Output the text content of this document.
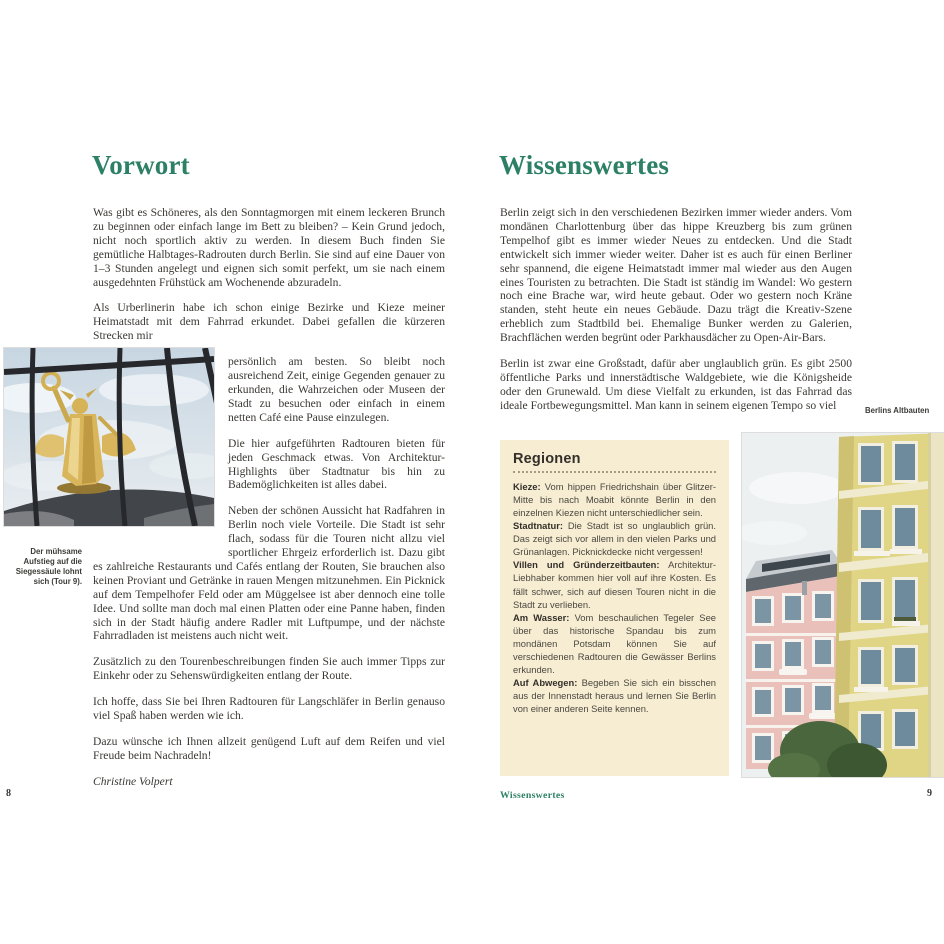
Vorwort

Was gibt es Schöneres, als den Sonntagmorgen mit einem leckeren Brunch zu beginnen oder einfach lange im Bett zu bleiben? – Kein Grund jedoch, nicht noch sportlich aktiv zu werden. In diesem Buch finden Sie gemütliche Halbtages-Radrouten durch Berlin. Sie sind auf eine Dauer von 1–3 Stunden angelegt und eignen sich somit perfekt, um sie nach einem ausgedehnten Frühstück am Wochenende abzuradeln.

Als Urberlinerin habe ich schon einige Bezirke und Kieze meiner Heimatstadt mit dem Fahrrad erkundet. Dabei gefallen die kürzeren Strecken mir

persönlich am besten. So bleibt noch ausreichend Zeit, einige Gegenden genauer zu erkunden, die Wahrzeichen oder Museen der Stadt zu besuchen oder einfach in einem netten Café eine Pause einzulegen.

Die hier aufgeführten Radtouren bieten für jeden Geschmack etwas. Von Architektur-Highlights über Stadtnatur bis hin zu Bademöglichkeiten ist alles dabei.

Neben der schönen Aussicht hat Radfahren in Berlin noch viele Vorteile. Die Stadt ist sehr flach, sodass für die Touren nicht allzu viel sportlicher Ehrgeiz erforderlich ist. Dazu gibt es zahlreiche Restaurants und Cafés entlang der Routen, Sie brauchen also keinen Proviant und Getränke in rauen Mengen mitzunehmen. Ein Picknick auf dem Tempelhofer Feld oder am Müggelsee ist aber dennoch eine tolle Idee. Und sollte man doch mal einen Platten oder eine Panne haben, finden sich in der Stadt häufig andere Radler mit Luftpumpe, und der nächste Fahrradladen ist meistens auch nicht weit.

Zusätzlich zu den Tourenbeschreibungen finden Sie auch immer Tipps zur Einkehr oder zu Sehenswürdigkeiten entlang der Route.

Ich hoffe, dass Sie bei Ihren Radtouren für Langschläfer in Berlin genauso viel Spaß haben werden wie ich.

Dazu wünsche ich Ihnen allzeit genügend Luft auf dem Reifen und viel Freude beim Nachradeln!

Christine Volpert

Der mühsame Aufstieg auf die Siegessäule lohnt sich (Tour 9).
8
Wissenswertes

Berlin zeigt sich in den verschiedenen Bezirken immer wieder anders. Vom mondänen Charlottenburg über das hippe Kreuzberg bis zum grünen Tempelhof gibt es immer wieder Neues zu entdecken. Und die Stadt entwickelt sich immer wieder weiter. Daher ist es auch für einen Berliner sehr spannend, die eigene Heimatstadt immer mal wieder aus den Augen eines Touristen zu betrachten. Die Stadt ist ständig im Wandel: Wo gestern noch eine Brache war, wird heute gebaut. Oder wo gestern noch Kräne standen, steht heute ein neues Gebäude. Dazu trägt die Kreativ-Szene erheblich zum Stadtbild bei. Ehemalige Bunker werden zu Galerien, Brachflächen werden begrünt oder Parkhausdächer zu Open-Air-Bars.

Berlin ist zwar eine Großstadt, dafür aber unglaublich grün. Es gibt 2500 öffentliche Parks und innerstädtische Waldgebiete, wie die Königsheide oder den Grunewald. Um diese Vielfalt zu erkunden, ist das Fahrrad das ideale Fortbewegungsmittel. Man kann in seinem eigenen Tempo so viel	Berlins Altbauten
Regionen
Kieze: Vom hippen Friedrichshain über Glitzer-Mitte bis nach Moabit könnte Berlin in den einzelnen Kiezen nicht unterschiedlicher sein.
Stadtnatur: Die Stadt ist so unglaublich grün. Das zeigt sich vor allem in den vielen Parks und Grünanlagen. Picknickdecke nicht vergessen!
Villen und Gründerzeitbauten: Architektur-Liebhaber kommen hier voll auf ihre Kosten. Es fällt schwer, sich auf diesen Touren nicht in die Stadt zu verlieben.
Am Wasser: Vom beschaulichen Tegeler See über das historische Spandau bis zum mondänen Potsdam können Sie auf verschiedenen Radtouren die Gewässer Berlins erkunden.
Auf Abwegen: Begeben Sie sich ein bisschen aus der Innenstadt heraus und lernen Sie Berlin von einer anderen Seite kennen.
Wissenswertes	9
